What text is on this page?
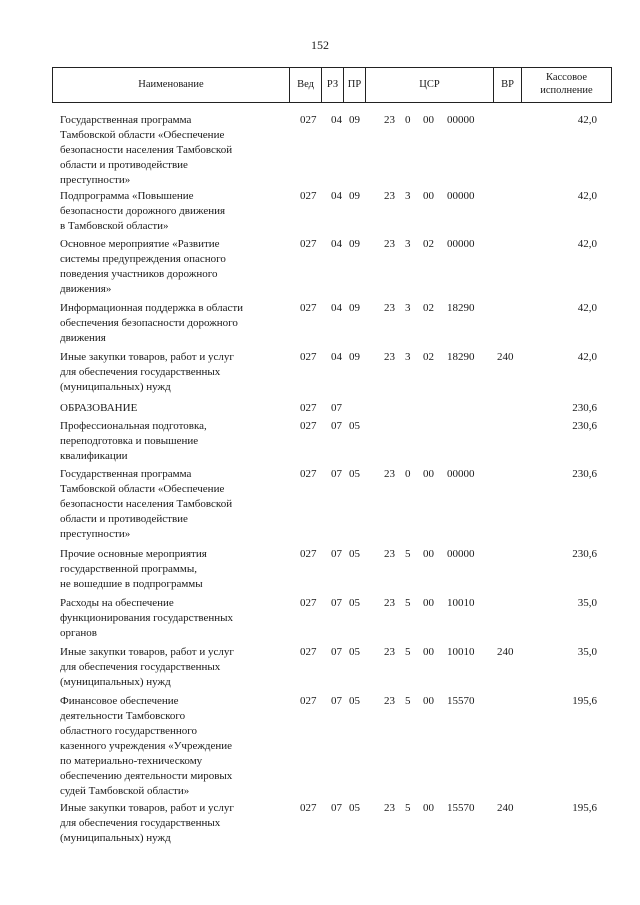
152
Наименование	Вед	РЗ ПР	ЦСР	ВР
Кассовое исполнение
Государственная программа
Тамбовской области «Обеспечение
безопасности населения Тамбовской
области и противодействие
преступности»
027 04 09 23 0 00 00000	42,0
Подпрограмма «Повышение
безопасности дорожного движения
в Тамбовской области»
027 04 09 23 3 00 00000	42,0
Основное мероприятие «Развитие
системы предупреждения опасного
поведения участников дорожного
движения»
027 04 09 23 3 02 00000	42,0
Информационная поддержка в области
обеспечения безопасности дорожного
движения
027 04 09 23 3 02 18290	42,0
Иные закупки товаров, работ и услуг
для обеспечения государственных
(муниципальных) нужд
027 04 09 23 3 02 18290 240	42,0
ОБРАЗОВАНИЕ	027 07	230,6
Профессиональная подготовка,
переподготовка и повышение
квалификации
027 07 05	230,6
Государственная программа
Тамбовской области «Обеспечение
безопасности населения Тамбовской
области и противодействие
преступности»
027 07 05 23 0 00 00000	230,6
Прочие основные мероприятия
государственной программы,
не вошедшие в подпрограммы
027 07 05 23 5 00 00000	230,6
Расходы на обеспечение
функционирования государственных
органов
027 07 05 23 5 00 10010	35,0
Иные закупки товаров, работ и услуг
для обеспечения государственных
(муниципальных) нужд
027 07 05 23 5 00 10010 240	35,0
Финансовое обеспечение
деятельности Тамбовского
областного государственного
казенного учреждения «Учреждение
по материально-техническому
обеспечению деятельности мировых
судей Тамбовской области»
027 07 05 23 5 00 15570	195,6
Иные закупки товаров, работ и услуг
для обеспечения государственных
(муниципальных) нужд
027 07 05 23 5 00 15570 240	195,6
